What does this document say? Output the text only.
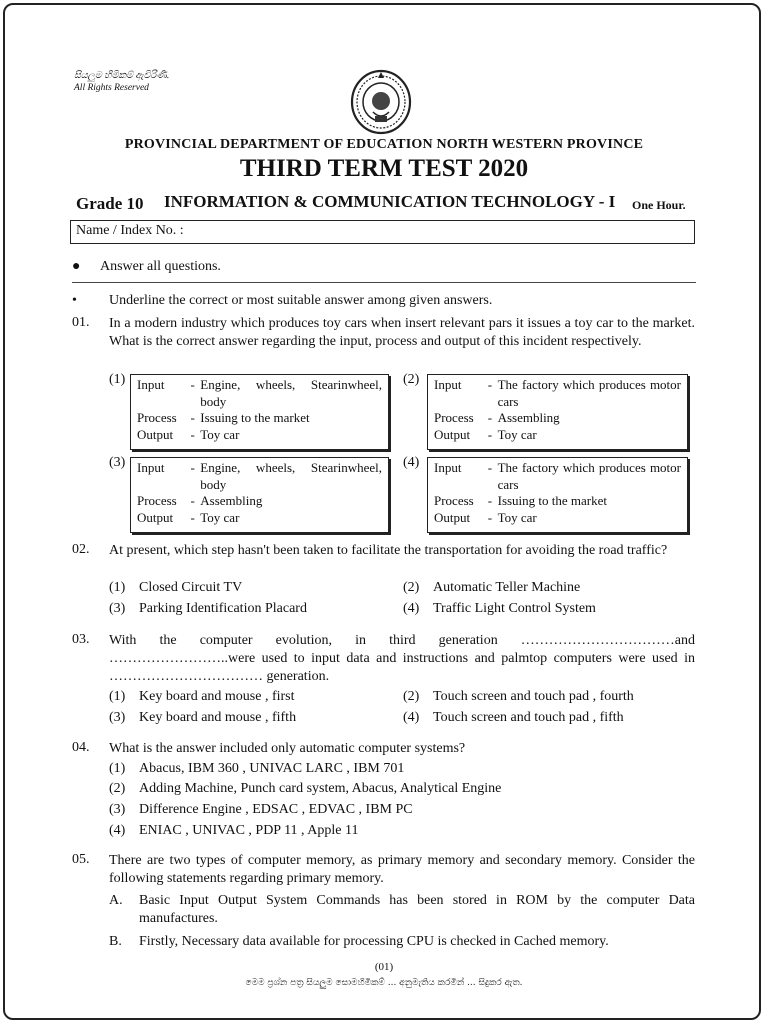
සියලුම හිමිකම් ඇවිරිණි.
All Rights Reserved
PROVINCIAL DEPARTMENT OF EDUCATION NORTH WESTERN PROVINCE
THIRD TERM TEST 2020
Grade 10 INFORMATION & COMMUNICATION TECHNOLOGY - I One Hour.
Name / Index No. :
● Answer all questions.
• Underline the correct or most suitable answer among given answers.
01. In a modern industry which produces toy cars when insert relevant pars it issues a toy car to the market. What is the correct answer regarding the input, process and output of this incident respectively.
(1) Input	-	Engine, wheels, Stearinwheel, body
Process	-	Issuing to the market
Output	-	Toy car
(2) Input	-	The factory which produces motor cars
Process	-	Assembling
Output	-	Toy car
(3) Input	-	Engine, wheels, Stearinwheel, body
Process	-	Assembling
Output	-	Toy car
(4) Input	-	The factory which produces motor cars
Process	-	Issuing to the market
Output	-	Toy car
02. At present, which step hasn't been taken to facilitate the transportation for avoiding the road traffic?
(1) Closed Circuit TV	(2) Automatic Teller Machine
(3) Parking Identification Placard	(4) Traffic Light Control System
03. With the computer evolution, in third generation ……………………………and ……………………..were used to input data and instructions and palmtop computers were used in …………………………… generation.
(1) Key board and mouse , first	(2) Touch screen and touch pad , fourth
(3) Key board and mouse , fifth	(4) Touch screen and touch pad , fifth
04. What is the answer included only automatic computer systems?
(1) Abacus, IBM 360 , UNIVAC LARC , IBM 701
(2) Adding Machine, Punch card system, Abacus, Analytical Engine
(3) Difference Engine , EDSAC , EDVAC , IBM PC
(4) ENIAC , UNIVAC , PDP 11 , Apple 11
05. There are two types of computer memory, as primary memory and secondary memory. Consider the following statements regarding primary memory.
A. Basic Input Output System Commands has been stored in ROM by the computer Data manufactures.
B. Firstly, Necessary data available for processing CPU is checked in Cached memory.
(01)
මෙම ප්‍රශ්න පත්‍ර සියලුම සොමහිමිකම් ... අනුමැතිය කරමින් ... සිදුකර ඇත.
